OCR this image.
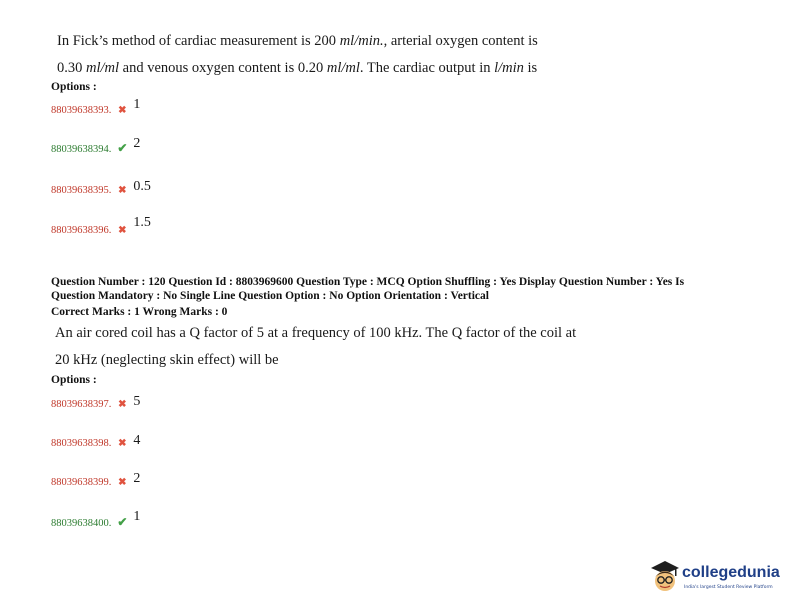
In Fick’s method of cardiac measurement is 200 ml/min., arterial oxygen content is
0.30 ml/ml and venous oxygen content is 0.20 ml/ml. The cardiac output in l/min is
Options :
88039638393. ✖ 1
88039638394. ✔ 2
88039638395. ✖ 0.5
88039638396. ✖ 1.5
Question Number : 120 Question Id : 8803969600 Question Type : MCQ Option Shuffling : Yes Display Question Number : Yes Is
Question Mandatory : No Single Line Question Option : No Option Orientation : Vertical
Correct Marks : 1 Wrong Marks : 0
An air cored coil has a Q factor of 5 at a frequency of 100 kHz. The Q factor of the coil at
20 kHz (neglecting skin effect) will be
Options :
88039638397. ✖ 5
88039638398. ✖ 4
88039638399. ✖ 2
88039638400. ✔ 1
collegedunia
India's largest Student Review Platform
